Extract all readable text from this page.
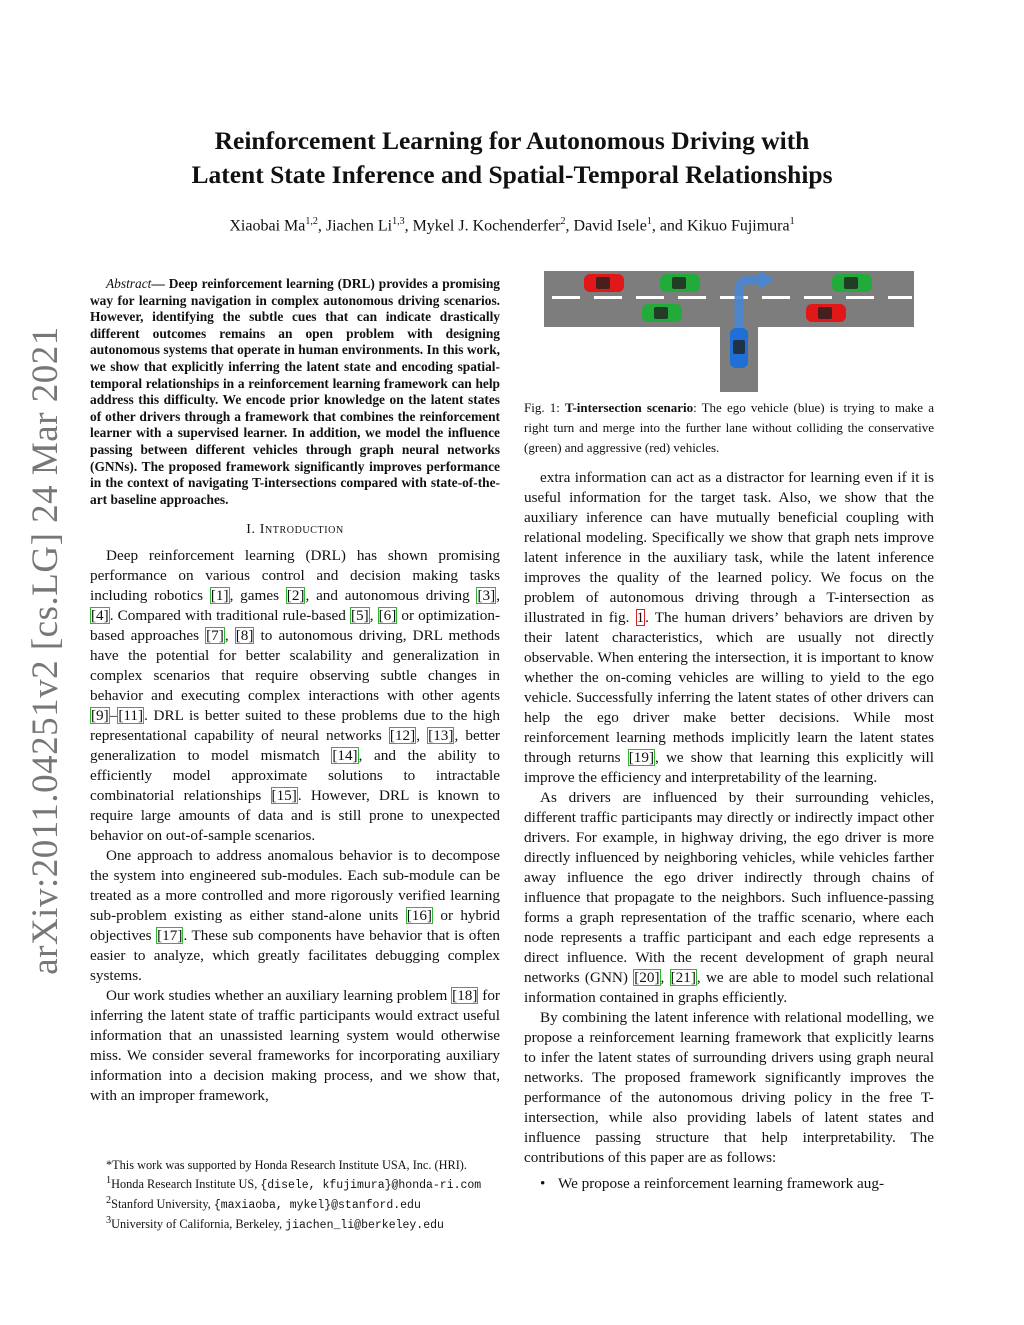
arXiv:2011.04251v2 [cs.LG] 24 Mar 2021
Reinforcement Learning for Autonomous Driving with
Latent State Inference and Spatial-Temporal Relationships
Xiaobai Ma$^{1,2}$, Jiachen Li$^{1,3}$, Mykel J. Kochenderfer$^2$, David Isele$^1$, and Kikuo Fujimura$^1$

Abstract— Deep reinforcement learning (DRL) provides a promising way for learning navigation in complex autonomous driving scenarios. However, identifying the subtle cues that can indicate drastically different outcomes remains an open problem with designing autonomous systems that operate in human environments. In this work, we show that explicitly inferring the latent state and encoding spatial-temporal relationships in a reinforcement learning framework can help address this difficulty. We encode prior knowledge on the latent states of other drivers through a framework that combines the reinforcement learner with a supervised learner. In addition, we model the influence passing between different vehicles through graph neural networks (GNNs). The proposed framework significantly improves performance in the context of navigating T-intersections compared with state-of-the-art baseline approaches.

I. Introduction

Deep reinforcement learning (DRL) has shown promising performance on various control and decision making tasks including robotics [1], games [2], and autonomous driving [3], [4]. Compared with traditional rule-based [5], [6] or optimization-based approaches [7], [8] to autonomous driving, DRL methods have the potential for better scalability and generalization in complex scenarios that require observing subtle changes in behavior and executing complex interactions with other agents [9]–[11]. DRL is better suited to these problems due to the high representational capability of neural networks [12], [13], better generalization to model mismatch [14], and the ability to efficiently model approximate solutions to intractable combinatorial relationships [15]. However, DRL is known to require large amounts of data and is still prone to unexpected behavior on out-of-sample scenarios.

One approach to address anomalous behavior is to decompose the system into engineered sub-modules. Each sub-module can be treated as a more controlled and more rigorously verified learning sub-problem existing as either stand-alone units [16] or hybrid objectives [17]. These sub components have behavior that is often easier to analyze, which greatly facilitates debugging complex systems.

Our work studies whether an auxiliary learning problem [18] for inferring the latent state of traffic participants would extract useful information that an unassisted learning system would otherwise miss. We consider several frameworks for incorporating auxiliary information into a decision making process, and we show that, with an improper framework,

*This work was supported by Honda Research Institute USA, Inc. (HRI).

$^1$Honda Research Institute US, {disele, kfujimura}@honda-ri.com

$^2$Stanford University, {maxiaoba, mykel}@stanford.edu

$^3$University of California, Berkeley, jiachen_li@berkeley.edu

Fig. 1: T-intersection scenario: The ego vehicle (blue) is trying to make a right turn and merge into the further lane without colliding the conservative (green) and aggressive (red) vehicles.

extra information can act as a distractor for learning even if it is useful information for the target task. Also, we show that the auxiliary inference can have mutually beneficial coupling with relational modeling. Specifically we show that graph nets improve latent inference in the auxiliary task, while the latent inference improves the quality of the learned policy. We focus on the problem of autonomous driving through a T-intersection as illustrated in fig. 1. The human drivers’ behaviors are driven by their latent characteristics, which are usually not directly observable. When entering the intersection, it is important to know whether the on-coming vehicles are willing to yield to the ego vehicle. Successfully inferring the latent states of other drivers can help the ego driver make better decisions. While most reinforcement learning methods implicitly learn the latent states through returns [19], we show that learning this explicitly will improve the efficiency and interpretability of the learning.

As drivers are influenced by their surrounding vehicles, different traffic participants may directly or indirectly impact other drivers. For example, in highway driving, the ego driver is more directly influenced by neighboring vehicles, while vehicles farther away influence the ego driver indirectly through chains of influence that propagate to the neighbors. Such influence-passing forms a graph representation of the traffic scenario, where each node represents a traffic participant and each edge represents a direct influence. With the recent development of graph neural networks (GNN) [20], [21], we are able to model such relational information contained in graphs efficiently.

By combining the latent inference with relational modelling, we propose a reinforcement learning framework that explicitly learns to infer the latent states of surrounding drivers using graph neural networks. The proposed framework significantly improves the performance of the autonomous driving policy in the free T-intersection, while also providing labels of latent states and influence passing structure that help interpretability. The contributions of this paper are as follows:

• We propose a reinforcement learning framework aug-
